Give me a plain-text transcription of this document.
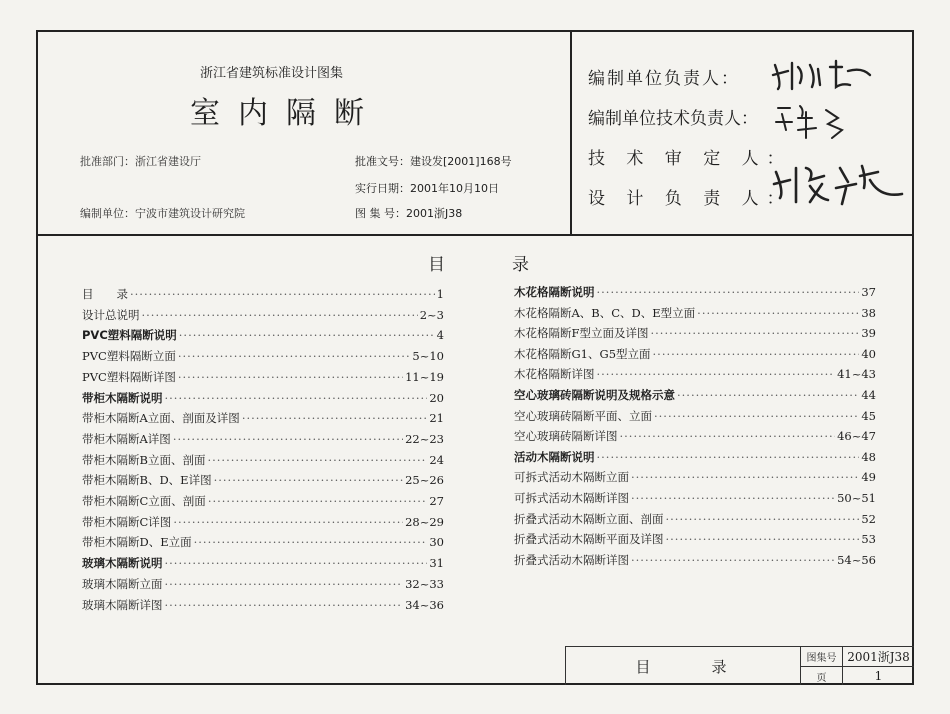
浙江省建筑标准设计图集
室内隔断
批准部门：浙江省建设厅
编制单位：宁波市建筑设计研究院
批准文号：建设发[2001]168号
实行日期：2001年10月10日
图 集 号：2001浙J38
编制单位负责人：
编制单位技术负责人：
技 术 审 定 人：
设 计 负 责 人：
目　　　录
目　　录 ·····	1
设计总说明 ·····	2~3
PVC塑料隔断说明 ·····	4
PVC塑料隔断立面 ·····	5~10
PVC塑料隔断详图 ·····	11~19
带柜木隔断说明 ·····	20
带柜木隔断A立面、剖面及详图 ·····	21
带柜木隔断A详图 ·····	22~23
带柜木隔断B立面、剖面 ·····	24
带柜木隔断B、D、E详图 ·····	25~26
带柜木隔断C立面、剖面 ·····	27
带柜木隔断C详图 ·····	28~29
带柜木隔断D、E立面 ·····	30
玻璃木隔断说明 ·····	31
玻璃木隔断立面 ·····	32~33
玻璃木隔断详图 ·····	34~36
木花格隔断说明 ·····	37
木花格隔断A、B、C、D、E型立面 ·····	38
木花格隔断F型立面及详图 ·····	39
木花格隔断G1、G5型立面 ·····	40
木花格隔断详图 ·····	41~43
空心玻璃砖隔断说明及规格示意 ·····	44
空心玻璃砖隔断平面、立面 ·····	45
空心玻璃砖隔断详图 ·····	46~47
活动木隔断说明 ·····	48
可拆式活动木隔断立面 ·····	49
可拆式活动木隔断详图 ·····	50~51
折叠式活动木隔断立面、剖面 ·····	52
折叠式活动木隔断平面及详图 ·····	53
折叠式活动木隔断详图 ·····	54~56
目　　　录	图集号 2001浙J38
页	1
